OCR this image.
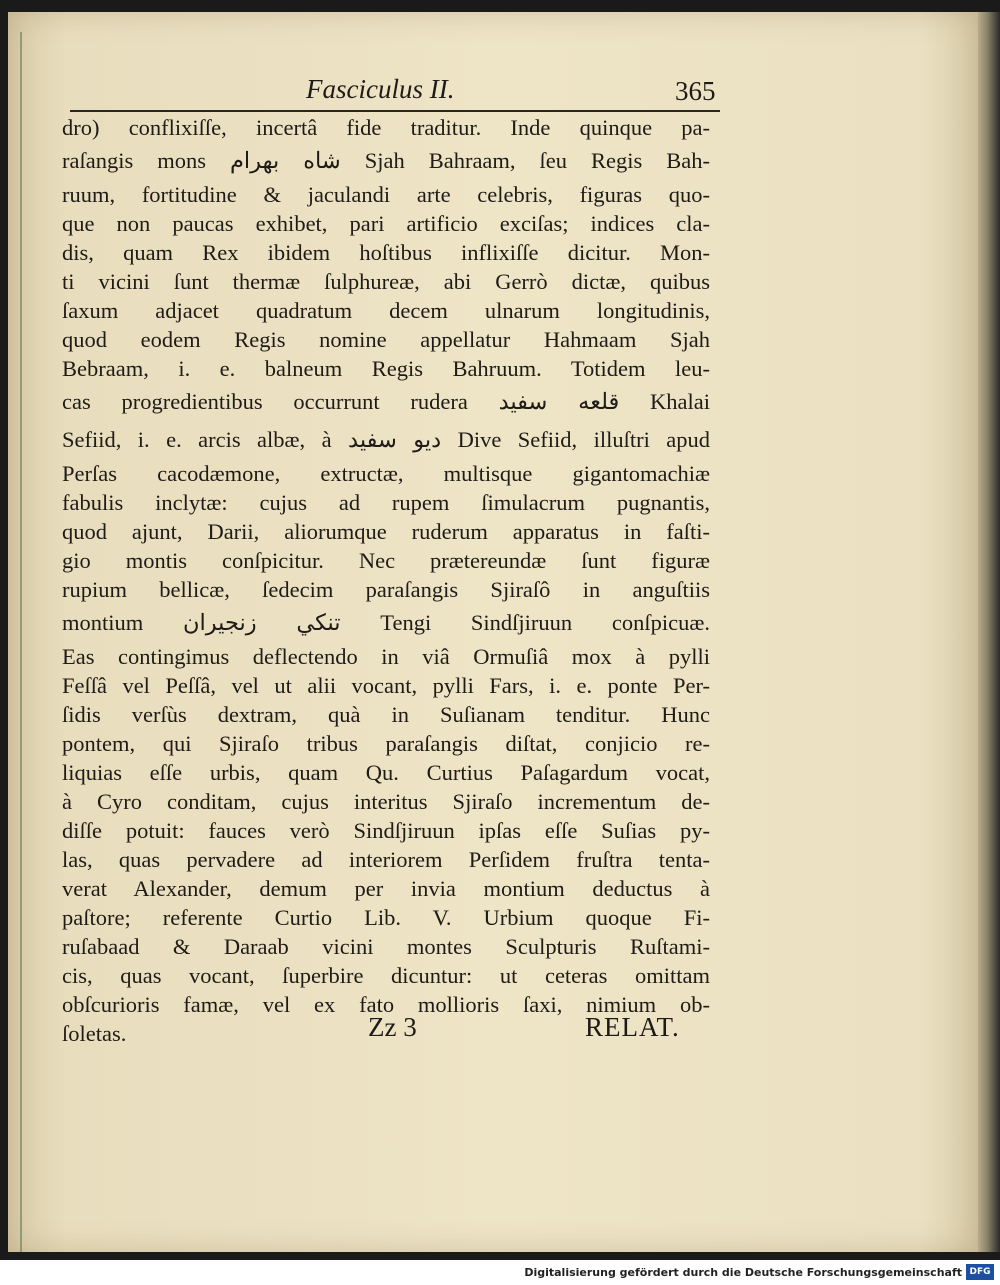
Fasciculus II.	365
dro) conflixiſſe, incertâ fide traditur. Inde quinque pa-
raſangis mons شاه بهرام Sjah Bahraam, ſeu Regis Bah-
ruum, fortitudine & jaculandi arte celebris, figuras quo-
que non paucas exhibet, pari artificio exciſas; indices cla-
dis, quam Rex ibidem hoſtibus inflixiſſe dicitur. Mon-
ti vicini ſunt thermæ ſulphureæ, abi Gerrò dictæ, quibus
ſaxum adjacet quadratum decem ulnarum longitudinis,
quod eodem Regis nomine appellatur Hahmaam Sjah
Bebraam, i. e. balneum Regis Bahruum. Totidem leu-
cas progredientibus occurrunt rudera قلعه سفيد Khalai
Sefiid, i. e. arcis albæ, à ديو سفيد Dive Sefiid, illuſtri apud
Perſas cacodæmone, extructæ, multisque gigantomachiæ
fabulis inclytæ: cujus ad rupem ſimulacrum pugnantis,
quod ajunt, Darii, aliorumque ruderum apparatus in faſti-
gio montis conſpicitur. Nec prætereundæ ſunt figuræ
rupium bellicæ, ſedecim paraſangis Sjiraſô in anguſtiis
montium تنكي زنجيران Tengi Sindſjiruun conſpicuæ.
Eas contingimus deflectendo in viâ Ormuſiâ mox à pylli
Feſſâ vel Peſſâ, vel ut alii vocant, pylli Fars, i. e. ponte Per-
ſidis verſùs dextram, quà in Suſianam tenditur. Hunc
pontem, qui Sjiraſo tribus paraſangis diſtat, conjicio re-
liquias eſſe urbis, quam Qu. Curtius Paſagardum vocat,
à Cyro conditam, cujus interitus Sjiraſo incrementum de-
diſſe potuit: fauces verò Sindſjiruun ipſas eſſe Suſias py-
las, quas pervadere ad interiorem Perſidem fruſtra tenta-
verat Alexander, demum per invia montium deductus à
paſtore; referente Curtio Lib. V. Urbium quoque Fi-
ruſabaad & Daraab vicini montes Sculpturis Ruſtami-
cis, quas vocant, ſuperbire dicuntur: ut ceteras omittam
obſcurioris famæ, vel ex fato mollioris ſaxi, nimium ob-
ſoletas.	Zz 3	RELAT.
Digitalisierung gefördert durch die Deutsche Forschungsgemeinschaft DFG
